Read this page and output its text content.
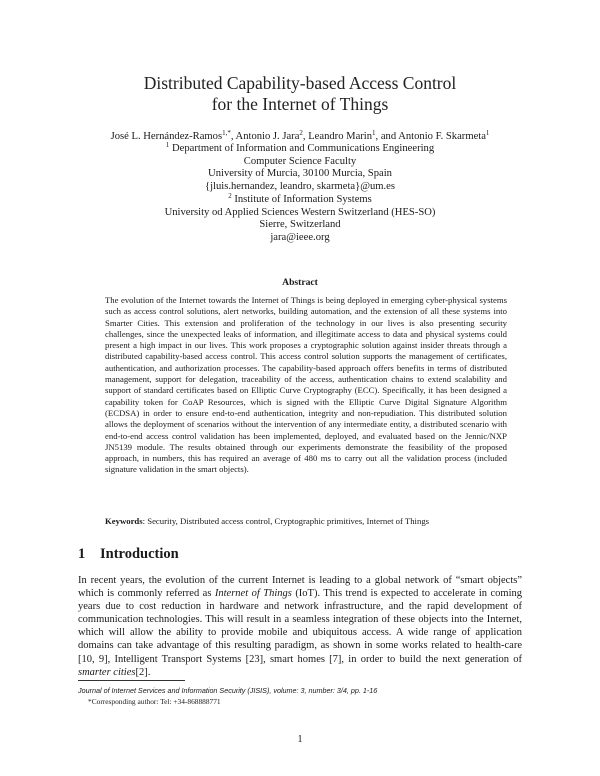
Distributed Capability-based Access Control
for the Internet of Things
José L. Hernández-Ramos$^{1,*}$, Antonio J. Jara$^2$, Leandro Marin$^1$, and Antonio F. Skarmeta$^1$
$^1$ Department of Information and Communications Engineering
Computer Science Faculty
University of Murcia, 30100 Murcia, Spain
{jluis.hernandez, leandro, skarmeta}@um.es
$^2$ Institute of Information Systems
University od Applied Sciences Western Switzerland (HES-SO)
Sierre, Switzerland
jara@ieee.org
Abstract
The evolution of the Internet towards the Internet of Things is being deployed in emerging cyber-physical systems such as access control solutions, alert networks, building automation, and the extension of all these systems into Smarter Cities. This extension and proliferation of the technology in our lives is also presenting security challenges, since the unexpected leaks of information, and illegitimate access to data and physical systems could present a high impact in our lives. This work proposes a cryptographic solution against insider threats through a distributed capability-based access control. This access control solution supports the management of certificates, authentication, and authorization processes. The capability-based approach offers benefits in terms of distributed management, support for delegation, traceability of the access, authentication chains to extend scalability and support of standard certificates based on Elliptic Curve Cryptography (ECC). Specifically, it has been designed a capability token for CoAP Resources, which is signed with the Elliptic Curve Digital Signature Algorithm (ECDSA) in order to ensure end-to-end authentication, integrity and non-repudiation. This distributed solution allows the deployment of scenarios without the intervention of any intermediate entity, a distributed scenario with end-to-end access control validation has been implemented, deployed, and evaluated based on the Jennic/NXP JN5139 module. The results obtained through our experiments demonstrate the feasibility of the proposed approach, in numbers, this has required an average of 480 ms to carry out all the validation process (included signature validation in the smart objects).
Keywords: Security, Distributed access control, Cryptographic primitives, Internet of Things
1 Introduction
In recent years, the evolution of the current Internet is leading to a global network of “smart objects” which is commonly referred as Internet of Things (IoT). This trend is expected to accelerate in coming years due to cost reduction in hardware and network infrastructure, and the rapid development of communication technologies. This will result in a seamless integration of these objects into the Internet, which will allow the ability to provide mobile and ubiquitous access. A wide range of application domains can take advantage of this resulting paradigm, as shown in some works related to health-care [10, 9], Intelligent Transport Systems [23], smart homes [7], in order to build the next generation of smarter cities[2].
Journal of Internet Services and Information Security (JISIS), volume: 3, number: 3/4, pp. 1-16
*Corresponding author: Tel: +34-868888771
1
